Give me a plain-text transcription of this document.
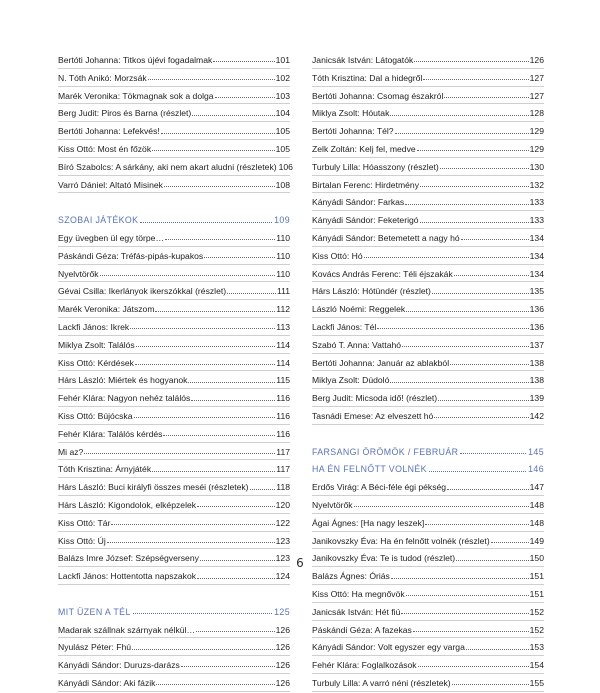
Bertóti Johanna: Titkos újévi fogadalmak	101
N. Tóth Anikó: Morzsák	102
Marék Veronika: Tökmagnak sok a dolga	103
Berg Judit: Piros és Barna (részlet)	104
Bertóti Johanna: Lefekvés!	105
Kiss Ottó: Most én főzök	105
Bíró Szabolcs: A sárkány, aki nem akart aludni (részletek) 106
Varró Dániel: Altató Misinek	108
SZOBAI JÁTÉKOK	109
Egy üvegben ül egy törpe…	110
Páskándi Géza: Tréfás-pipás-kupakos	110
Nyelvtörők	110
Gévai Csilla: Ikerlányok ikerszókkal (részlet)	111
Marék Veronika: Játszom	112
Lackfi János: Ikrek	113
Miklya Zsolt: Találós	114
Kiss Ottó: Kérdések	114
Hárs László: Miértek és hogyanok	115
Fehér Klára: Nagyon nehéz találós	116
Kiss Ottó: Bújócska	116
Fehér Klára: Találós kérdés	116
Mi az?	117
Tóth Krisztina: Árnyjáték	117
Hárs László: Buci királyfi összes meséi (részletek)	118
Hárs László: Kigondolok, elképzelek	120
Kiss Ottó: Tár	122
Kiss Ottó: Új	123
Balázs Imre József: Szépségverseny	123
Lackfi János: Hottentotta napszakok	124
MIT ÜZEN A TÉL	125
Madarak szállnak szárnyak nélkül…	126
Nyulász Péter: Fhú	126
Kányádi Sándor: Duruzs-darázs	126
Kányádi Sándor: Aki fázik	126
Janicsák István: Látogatók	126
Tóth Krisztina: Dal a hidegről	127
Bertóti Johanna: Csomag északról	127
Miklya Zsolt: Hóutak	128
Bertóti Johanna: Tél?	129
Zelk Zoltán: Kelj fel, medve	129
Turbuly Lilla: Hóasszony (részlet)	130
Birtalan Ferenc: Hirdetmény	132
Kányádi Sándor: Farkas	133
Kányádi Sándor: Feketerigó	133
Kányádi Sándor: Betemetett a nagy hó	134
Kiss Ottó: Hó	134
Kovács András Ferenc: Téli éjszakák	134
Hárs László: Hótündér (részlet)	135
László Noémi: Reggelek	136
Lackfi János: Tél	136
Szabó T. Anna: Vattahó	137
Bertóti Johanna: Január az ablakból	138
Miklya Zsolt: Dúdoló	138
Berg Judit: Micsoda idő! (részlet)	139
Tasnádi Emese: Az elveszett hó	142
FARSANGI ÖRÖMÖK / FEBRUÁR	145
HA ÉN FELNŐTT VOLNÉK	146
Erdős Virág: A Béci-féle égi pékség	147
Nyelvtörők	148
Ágai Ágnes: [Ha nagy leszek]	148
Janikovszky Éva: Ha én felnőtt volnék (részlet)	149
Janikovszky Éva: Te is tudod (részlet)	150
Balázs Ágnes: Óriás	151
Kiss Ottó: Ha megnővök	151
Janicsák István: Hét fiú	152
Páskándi Géza: A fazekas	152
Kányádi Sándor: Volt egyszer egy varga	153
Fehér Klára: Foglalkozások	154
Turbuly Lilla: A varró néni (részletek)	155
6
